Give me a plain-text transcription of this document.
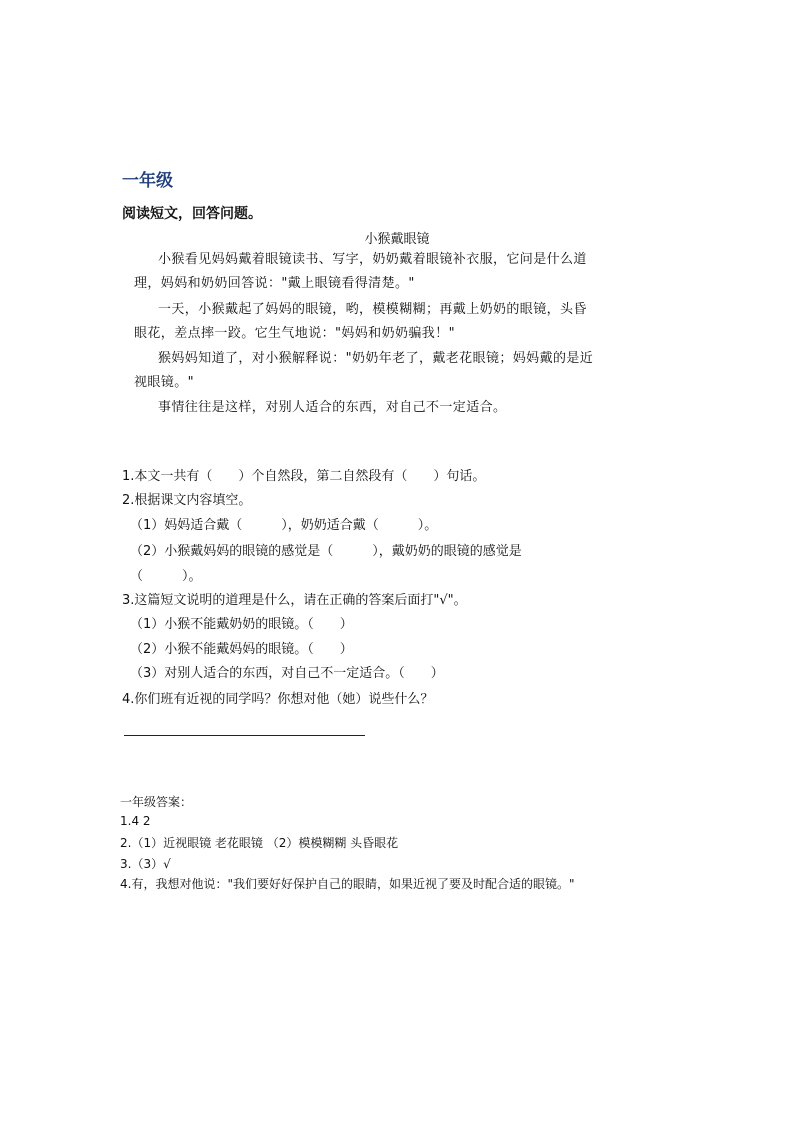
一年级
阅读短文，回答问题。
小猴戴眼镜
小猴看见妈妈戴着眼镜读书、写字，奶奶戴着眼镜补衣服，它问是什么道
理，妈妈和奶奶回答说："戴上眼镜看得清楚。"
一天，小猴戴起了妈妈的眼镜，哟，模模糊糊；再戴上奶奶的眼镜，头昏
眼花，差点摔一跤。它生气地说："妈妈和奶奶骗我！"
猴妈妈知道了，对小猴解释说："奶奶年老了，戴老花眼镜；妈妈戴的是近
视眼镜。"
事情往往是这样，对别人适合的东西，对自己不一定适合。
1.本文一共有（　　）个自然段，第二自然段有（　　）句话。
2.根据课文内容填空。
（1）妈妈适合戴（　　　），奶奶适合戴（　　　）。
（2）小猴戴妈妈的眼镜的感觉是（　　　），戴奶奶的眼镜的感觉是
（　　　）。
3.这篇短文说明的道理是什么，请在正确的答案后面打"√"。
（1）小猴不能戴奶奶的眼镜。（　　）
（2）小猴不能戴妈妈的眼镜。（　　）
（3）对别人适合的东西，对自己不一定适合。（　　）
4.你们班有近视的同学吗？你想对他（她）说些什么？
一年级答案：
1.4 2
2.（1）近视眼镜 老花眼镜 （2）模模糊糊 头昏眼花
3.（3）√
4.有，我想对他说："我们要好好保护自己的眼睛，如果近视了要及时配合适的眼镜。"
